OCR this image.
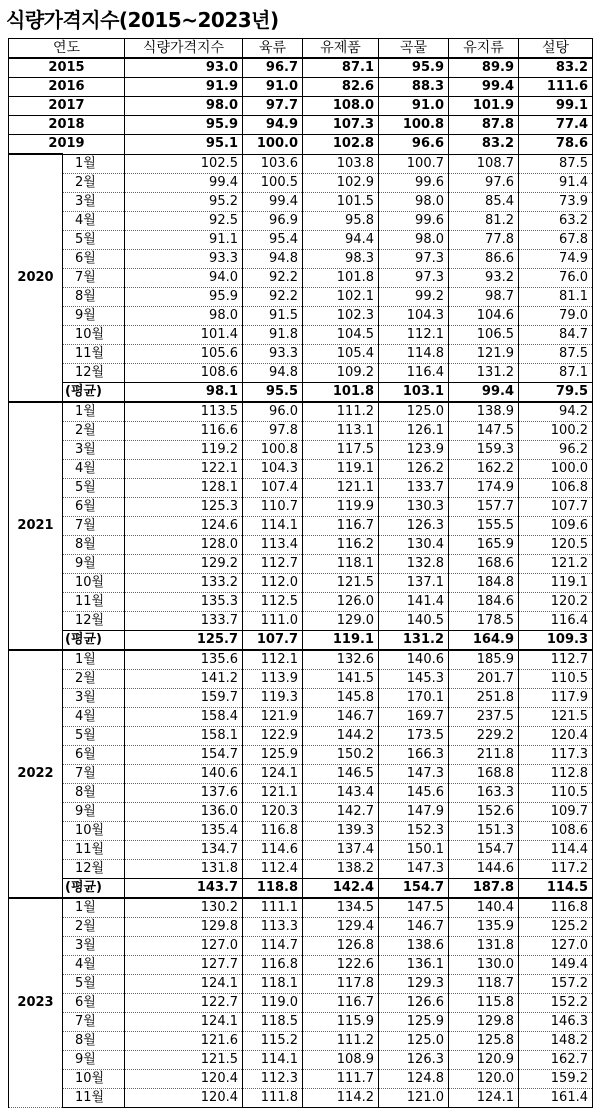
식량가격지수(2015~2023년)
연도		식량가격지수	육류	유제품	곡물	유지류	설탕
2015		93.0	96.7	87.1	95.9	89.9	83.2
2016		91.9	91.0	82.6	88.3	99.4	111.6
2017		98.0	97.7	108.0	91.0	101.9	99.1
2018		95.9	94.9	107.3	100.8	87.8	77.4
2019		95.1	100.0	102.8	96.6	83.2	78.6
2020	1월	102.5	103.6	103.8	100.7	108.7	87.5
	2월	99.4	100.5	102.9	99.6	97.6	91.4
	3월	95.2	99.4	101.5	98.0	85.4	73.9
	4월	92.5	96.9	95.8	99.6	81.2	63.2
	5월	91.1	95.4	94.4	98.0	77.8	67.8
	6월	93.3	94.8	98.3	97.3	86.6	74.9
	7월	94.0	92.2	101.8	97.3	93.2	76.0
	8월	95.9	92.2	102.1	99.2	98.7	81.1
	9월	98.0	91.5	102.3	104.3	104.6	79.0
	10월	101.4	91.8	104.5	112.1	106.5	84.7
	11월	105.6	93.3	105.4	114.8	121.9	87.5
	12월	108.6	94.8	109.2	116.4	131.2	87.1
	(평균)	98.1	95.5	101.8	103.1	99.4	79.5
2021	1월	113.5	96.0	111.2	125.0	138.9	94.2
	2월	116.6	97.8	113.1	126.1	147.5	100.2
	3월	119.2	100.8	117.5	123.9	159.3	96.2
	4월	122.1	104.3	119.1	126.2	162.2	100.0
	5월	128.1	107.4	121.1	133.7	174.9	106.8
	6월	125.3	110.7	119.9	130.3	157.7	107.7
	7월	124.6	114.1	116.7	126.3	155.5	109.6
	8월	128.0	113.4	116.2	130.4	165.9	120.5
	9월	129.2	112.7	118.1	132.8	168.6	121.2
	10월	133.2	112.0	121.5	137.1	184.8	119.1
	11월	135.3	112.5	126.0	141.4	184.6	120.2
	12월	133.7	111.0	129.0	140.5	178.5	116.4
	(평균)	125.7	107.7	119.1	131.2	164.9	109.3
2022	1월	135.6	112.1	132.6	140.6	185.9	112.7
	2월	141.2	113.9	141.5	145.3	201.7	110.5
	3월	159.7	119.3	145.8	170.1	251.8	117.9
	4월	158.4	121.9	146.7	169.7	237.5	121.5
	5월	158.1	122.9	144.2	173.5	229.2	120.4
	6월	154.7	125.9	150.2	166.3	211.8	117.3
	7월	140.6	124.1	146.5	147.3	168.8	112.8
	8월	137.6	121.1	143.4	145.6	163.3	110.5
	9월	136.0	120.3	142.7	147.9	152.6	109.7
	10월	135.4	116.8	139.3	152.3	151.3	108.6
	11월	134.7	114.6	137.4	150.1	154.7	114.4
	12월	131.8	112.4	138.2	147.3	144.6	117.2
	(평균)	143.7	118.8	142.4	154.7	187.8	114.5
2023	1월	130.2	111.1	134.5	147.5	140.4	116.8
	2월	129.8	113.3	129.4	146.7	135.9	125.2
	3월	127.0	114.7	126.8	138.6	131.8	127.0
	4월	127.7	116.8	122.6	136.1	130.0	149.4
	5월	124.1	118.1	117.8	129.3	118.7	157.2
	6월	122.7	119.0	116.7	126.6	115.8	152.2
	7월	124.1	118.5	115.9	125.9	129.8	146.3
	8월	121.6	115.2	111.2	125.0	125.8	148.2
	9월	121.5	114.1	108.9	126.3	120.9	162.7
	10월	120.4	112.3	111.7	124.8	120.0	159.2
	11월	120.4	111.8	114.2	121.0	124.1	161.4
